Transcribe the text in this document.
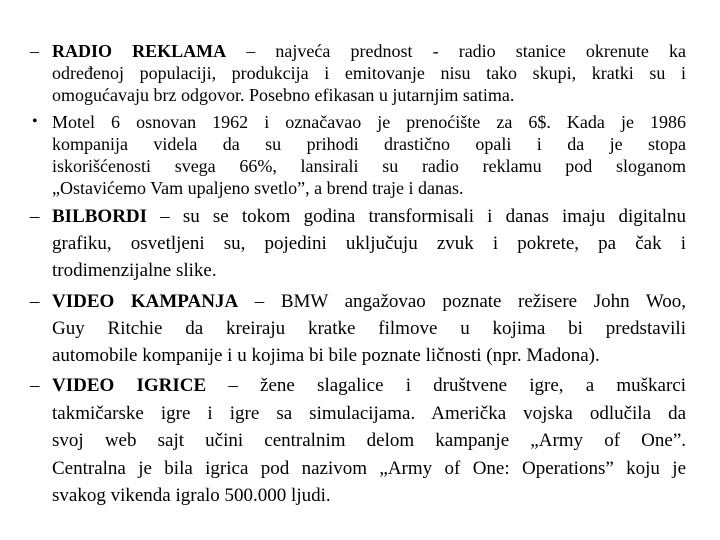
– RADIO REKLAMA – najveća prednost - radio stanice okrenute ka
određenoj populaciji, produkcija i emitovanje nisu tako skupi, kratki su i
omogućavaju brz odgovor. Posebno efikasan u jutarnjim satima.
• Motel 6 osnovan 1962 i označavao je prenoćište za 6$. Kada je 1986
kompanija videla da su prihodi drastično opali i da je stopa
iskorišćenosti svega 66%, lansirali su radio reklamu pod sloganom
„Ostavićemo Vam upaljeno svetlo”, a brend traje i danas.
– BILBORDI – su se tokom godina transformisali i danas imaju digitalnu
grafiku, osvetljeni su, pojedini uključuju zvuk i pokrete, pa čak i
trodimenzijalne slike.
– VIDEO KAMPANJA – BMW angažovao poznate režisere John Woo,
Guy Ritchie da kreiraju kratke filmove u kojima bi predstavili
automobile kompanije i u kojima bi bile poznate ličnosti (npr. Madona).
– VIDEO IGRICE – žene slagalice i društvene igre, a muškarci
takmičarske igre i igre sa simulacijama. Američka vojska odlučila da
svoj web sajt učini centralnim delom kampanje „Army of One”.
Centralna je bila igrica pod nazivom „Army of One: Operations” koju je
svakog vikenda igralo 500.000 ljudi.
